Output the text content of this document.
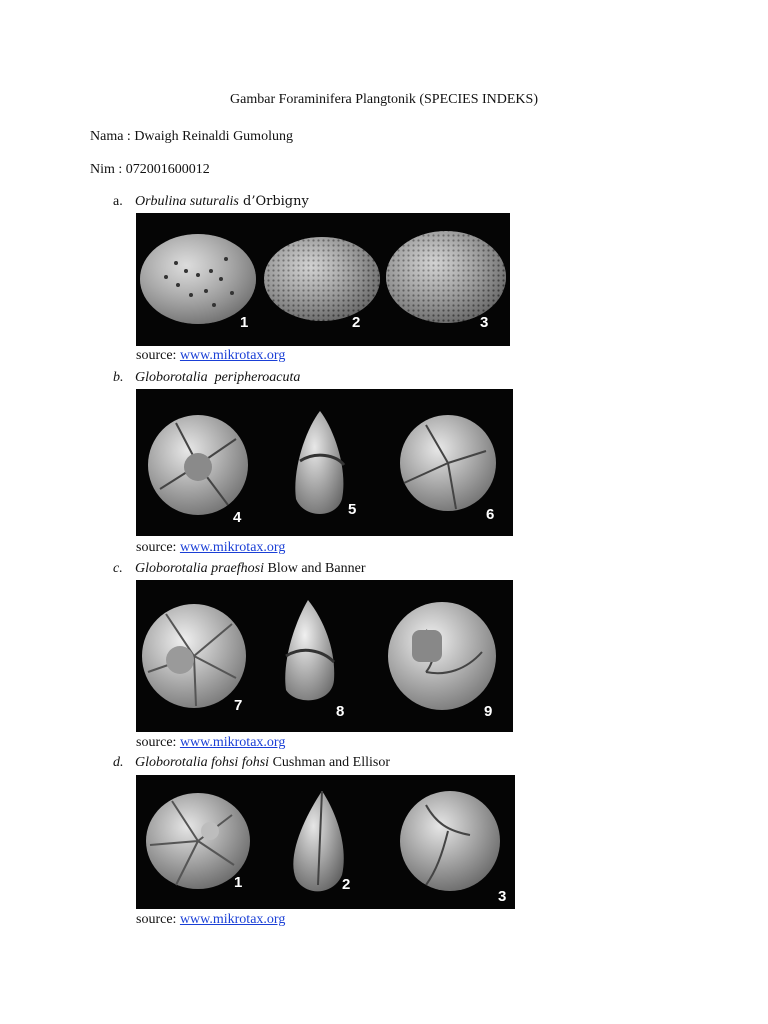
Gambar Foraminifera Plangtonik (SPECIES INDEKS)
Nama : Dwaigh Reinaldi Gumolung
Nim : 072001600012
a. Orbulina suturalis d’Orbigny
1	2	3
source: www.mikrotax.org
b. Globorotalia  peripheroacuta
4	5	6
source: www.mikrotax.org
c. Globorotalia praefhosi Blow and Banner
7	8	9
source: www.mikrotax.org
d. Globorotalia fohsi fohsi Cushman and Ellisor
1	2
3
source: www.mikrotax.org
